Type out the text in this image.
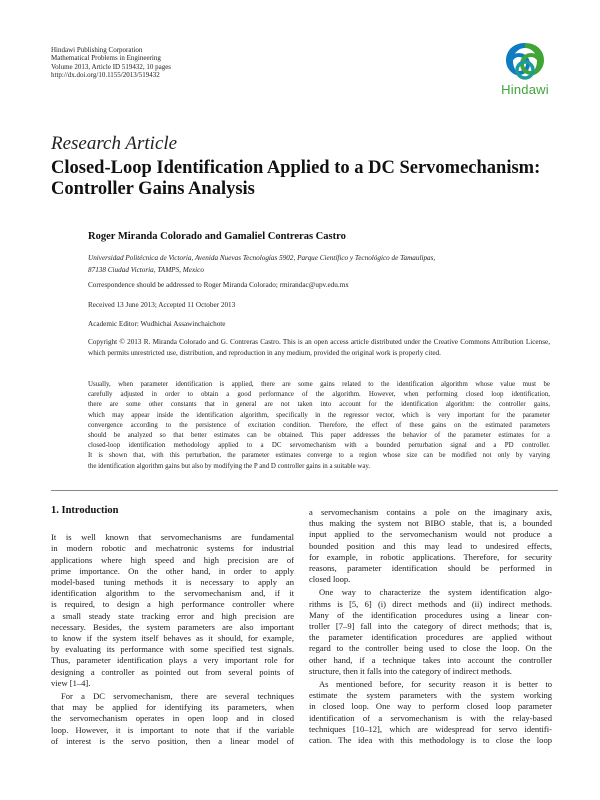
Hindawi Publishing Corporation
Mathematical Problems in Engineering
Volume 2013, Article ID 519432, 10 pages
http://dx.doi.org/10.1155/2013/519432
Hindawi
Research Article
Closed-Loop Identification Applied to a DC Servomechanism: Controller Gains Analysis
Roger Miranda Colorado and Gamaliel Contreras Castro
Universidad Politécnica de Victoria, Avenida Nuevas Tecnologías 5902, Parque Científico y Tecnológico de Tamaulipas,
87138 Ciudad Victoria, TAMPS, Mexico
Correspondence should be addressed to Roger Miranda Colorado; rmirandac@upv.edu.mx
Received 13 June 2013; Accepted 11 October 2013
Academic Editor: Wudhichai Assawinchaichote
Copyright © 2013 R. Miranda Colorado and G. Contreras Castro. This is an open access article distributed under the Creative Commons Attribution License, which permits unrestricted use, distribution, and reproduction in any medium, provided the original work is properly cited.
Usually, when parameter identification is applied, there are some gains related to the identification algorithm whose value must be
carefully adjusted in order to obtain a good performance of the algorithm. However, when performing closed loop identification,
there are some other constants that in general are not taken into account for the identification algorithm: the controller gains,
which may appear inside the identification algorithm, specifically in the regressor vector, which is very important for the parameter
convergence according to the persistence of excitation condition. Therefore, the effect of these gains on the estimated parameters
should be analyzed so that better estimates can be obtained. This paper addresses the behavior of the parameter estimates for a
closed-loop identification methodology applied to a DC servomechanism with a bounded perturbation signal and a PD controller.
It is shown that, with this perturbation, the parameter estimates converge to a region whose size can be modified not only by varying
the identification algorithm gains but also by modifying the P and D controller gains in a suitable way.
1. Introduction

It is well known that servomechanisms are fundamental
in modern robotic and mechatronic systems for industrial
applications where high speed and high precision are of
prime importance. On the other hand, in order to apply
model-based tuning methods it is necessary to apply an
identification algorithm to the servomechanism and, if it
is required, to design a high performance controller where
a small steady state tracking error and high precision are
necessary. Besides, the system parameters are also important
to know if the system itself behaves as it should, for example,
by evaluating its performance with some specified test signals.
Thus, parameter identification plays a very important role for
designing a controller as pointed out from several points of
view [1–4].

For a DC servomechanism, there are several techniques
that may be applied for identifying its parameters, when
the servomechanism operates in open loop and in closed
loop. However, it is important to note that if the variable
of interest is the servo position, then a linear model of

a servomechanism contains a pole on the imaginary axis,
thus making the system not BIBO stable, that is, a bounded
input applied to the servomechanism would not produce a
bounded position and this may lead to undesired effects,
for example, in robotic applications. Therefore, for security
reasons, parameter identification should be performed in
closed loop.

One way to characterize the system identification algo-
rithms is [5, 6] (i) direct methods and (ii) indirect methods.
Many of the identification procedures using a linear con-
troller [7–9] fall into the category of direct methods; that is,
the parameter identification procedures are applied without
regard to the controller being used to close the loop. On the
other hand, if a technique takes into account the controller
structure, then it falls into the category of indirect methods.

As mentioned before, for security reason it is better to
estimate the system parameters with the system working
in closed loop. One way to perform closed loop parameter
identification of a servomechanism is with the relay-based
techniques [10–12], which are widespread for servo identifi-
cation. The idea with this methodology is to close the loop
